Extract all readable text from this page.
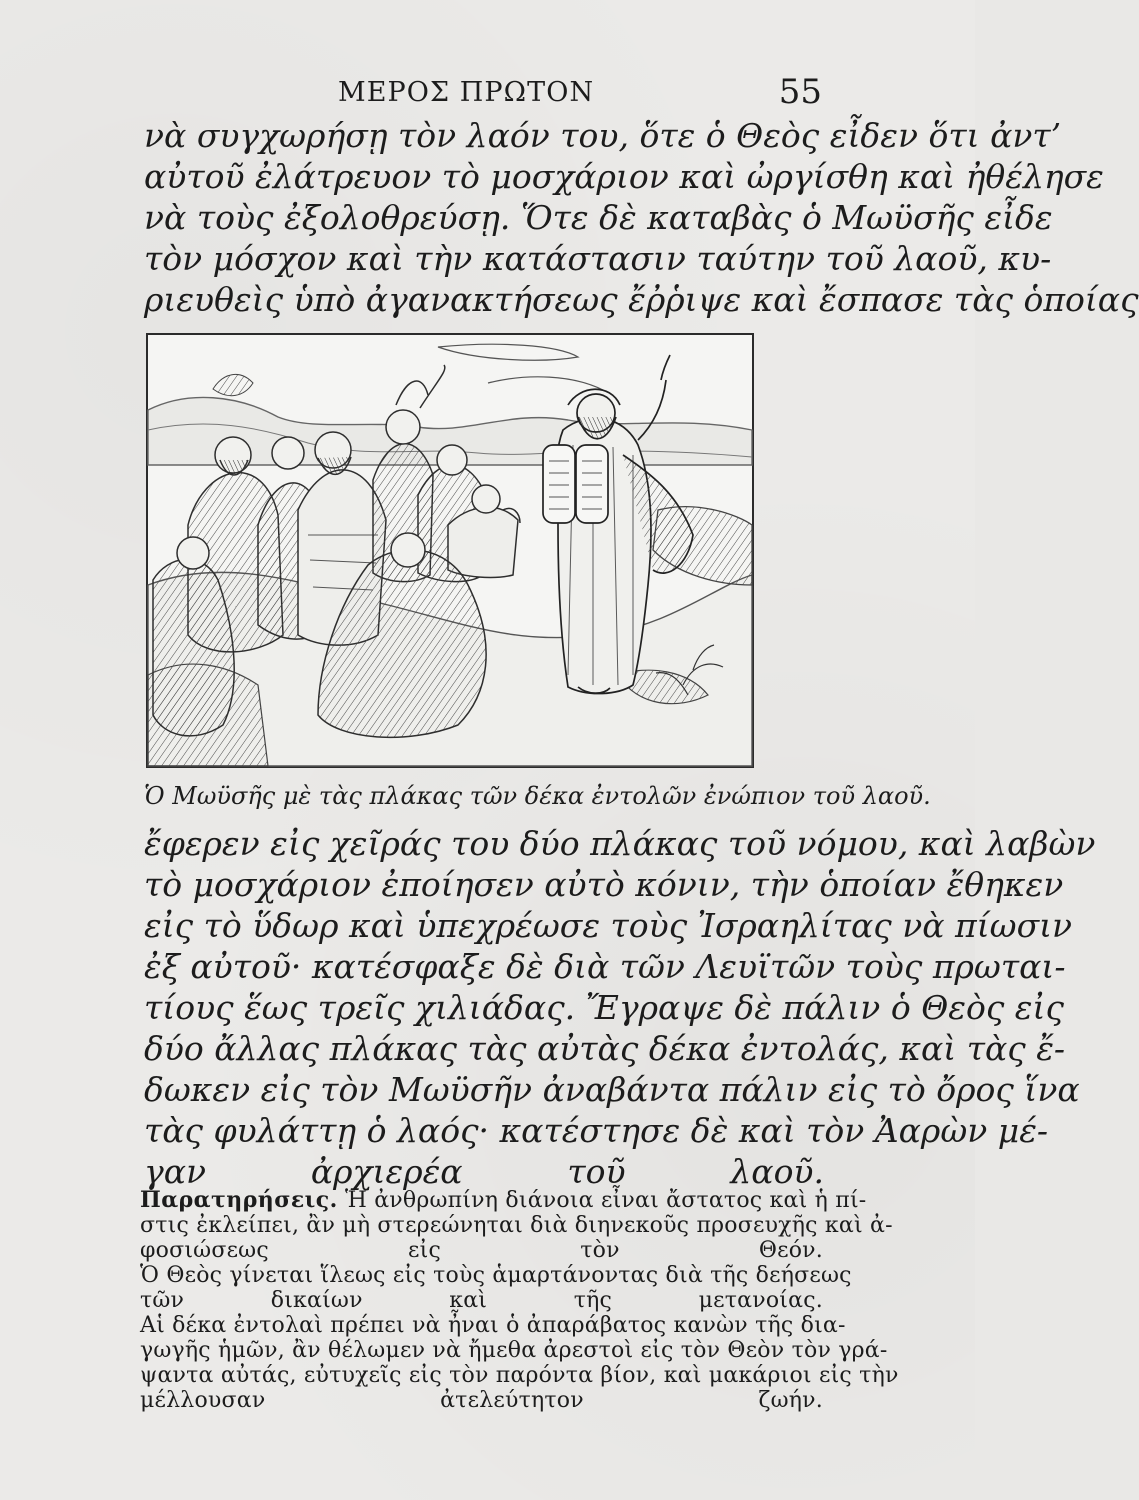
ΜΕΡΟΣ ΠΡΩΤΟΝ	55
νὰ συγχωρήσῃ τὸν λαόν του, ὅτε ὁ Θεὸς εἶδεν ὅτι ἀντ’
αὐτοῦ ἐλάτρευον τὸ μοσχάριον καὶ ὠργίσθη καὶ ἠθέλησε
νὰ τοὺς ἐξολοθρεύσῃ. Ὅτε δὲ καταβὰς ὁ Μωϋσῆς εἶδε
τὸν μόσχον καὶ τὴν κατάστασιν ταύτην τοῦ λαοῦ, κυ-
ριευθεὶς ὑπὸ ἀγανακτήσεως ἔῤῥιψε καὶ ἔσπασε τὰς ὁποίας
Ὁ Μωϋσῆς μὲ τὰς πλάκας τῶν δέκα ἐντολῶν ἐνώπιον τοῦ λαοῦ.
ἔφερεν εἰς χεῖράς του δύο πλάκας τοῦ νόμου, καὶ λαβὼν
τὸ μοσχάριον ἐποίησεν αὐτὸ κόνιν, τὴν ὁποίαν ἔθηκεν
εἰς τὸ ὕδωρ καὶ ὑπεχρέωσε τοὺς Ἰσραηλίτας νὰ πίωσιν
ἐξ αὐτοῦ· κατέσφαξε δὲ διὰ τῶν Λευϊτῶν τοὺς πρωται-
τίους ἕως τρεῖς χιλιάδας. Ἔγραψε δὲ πάλιν ὁ Θεὸς εἰς
δύο ἄλλας πλάκας τὰς αὐτὰς δέκα ἐντολάς, καὶ τὰς ἔ-
δωκεν εἰς τὸν Μωϋσῆν ἀναβάντα πάλιν εἰς τὸ ὄρος ἵνα
τὰς φυλάττῃ ὁ λαός· κατέστησε δὲ καὶ τὸν Ἀαρὼν μέ-
γαν ἀρχιερέα τοῦ λαοῦ.
Παρατηρήσεις. Ἡ ἀνθρωπίνη διάνοια εἶναι ἄστατος καὶ ἡ πί-
στις ἐκλείπει, ἂν μὴ στερεώνηται διὰ διηνεκοῦς προσευχῆς καὶ ἀ-
φοσιώσεως εἰς τὸν Θεόν.
Ὁ Θεὸς γίνεται ἵλεως εἰς τοὺς ἁμαρτάνοντας διὰ τῆς δεήσεως
τῶν δικαίων καὶ τῆς μετανοίας.
Αἱ δέκα ἐντολαὶ πρέπει νὰ ἦναι ὁ ἀπαράβατος κανὼν τῆς δια-
γωγῆς ἡμῶν, ἂν θέλωμεν νὰ ἤμεθα ἀρεστοὶ εἰς τὸν Θεὸν τὸν γρά-
ψαντα αὐτάς, εὐτυχεῖς εἰς τὸν παρόντα βίον, καὶ μακάριοι εἰς τὴν
μέλλουσαν ἀτελεύτητον ζωήν.
